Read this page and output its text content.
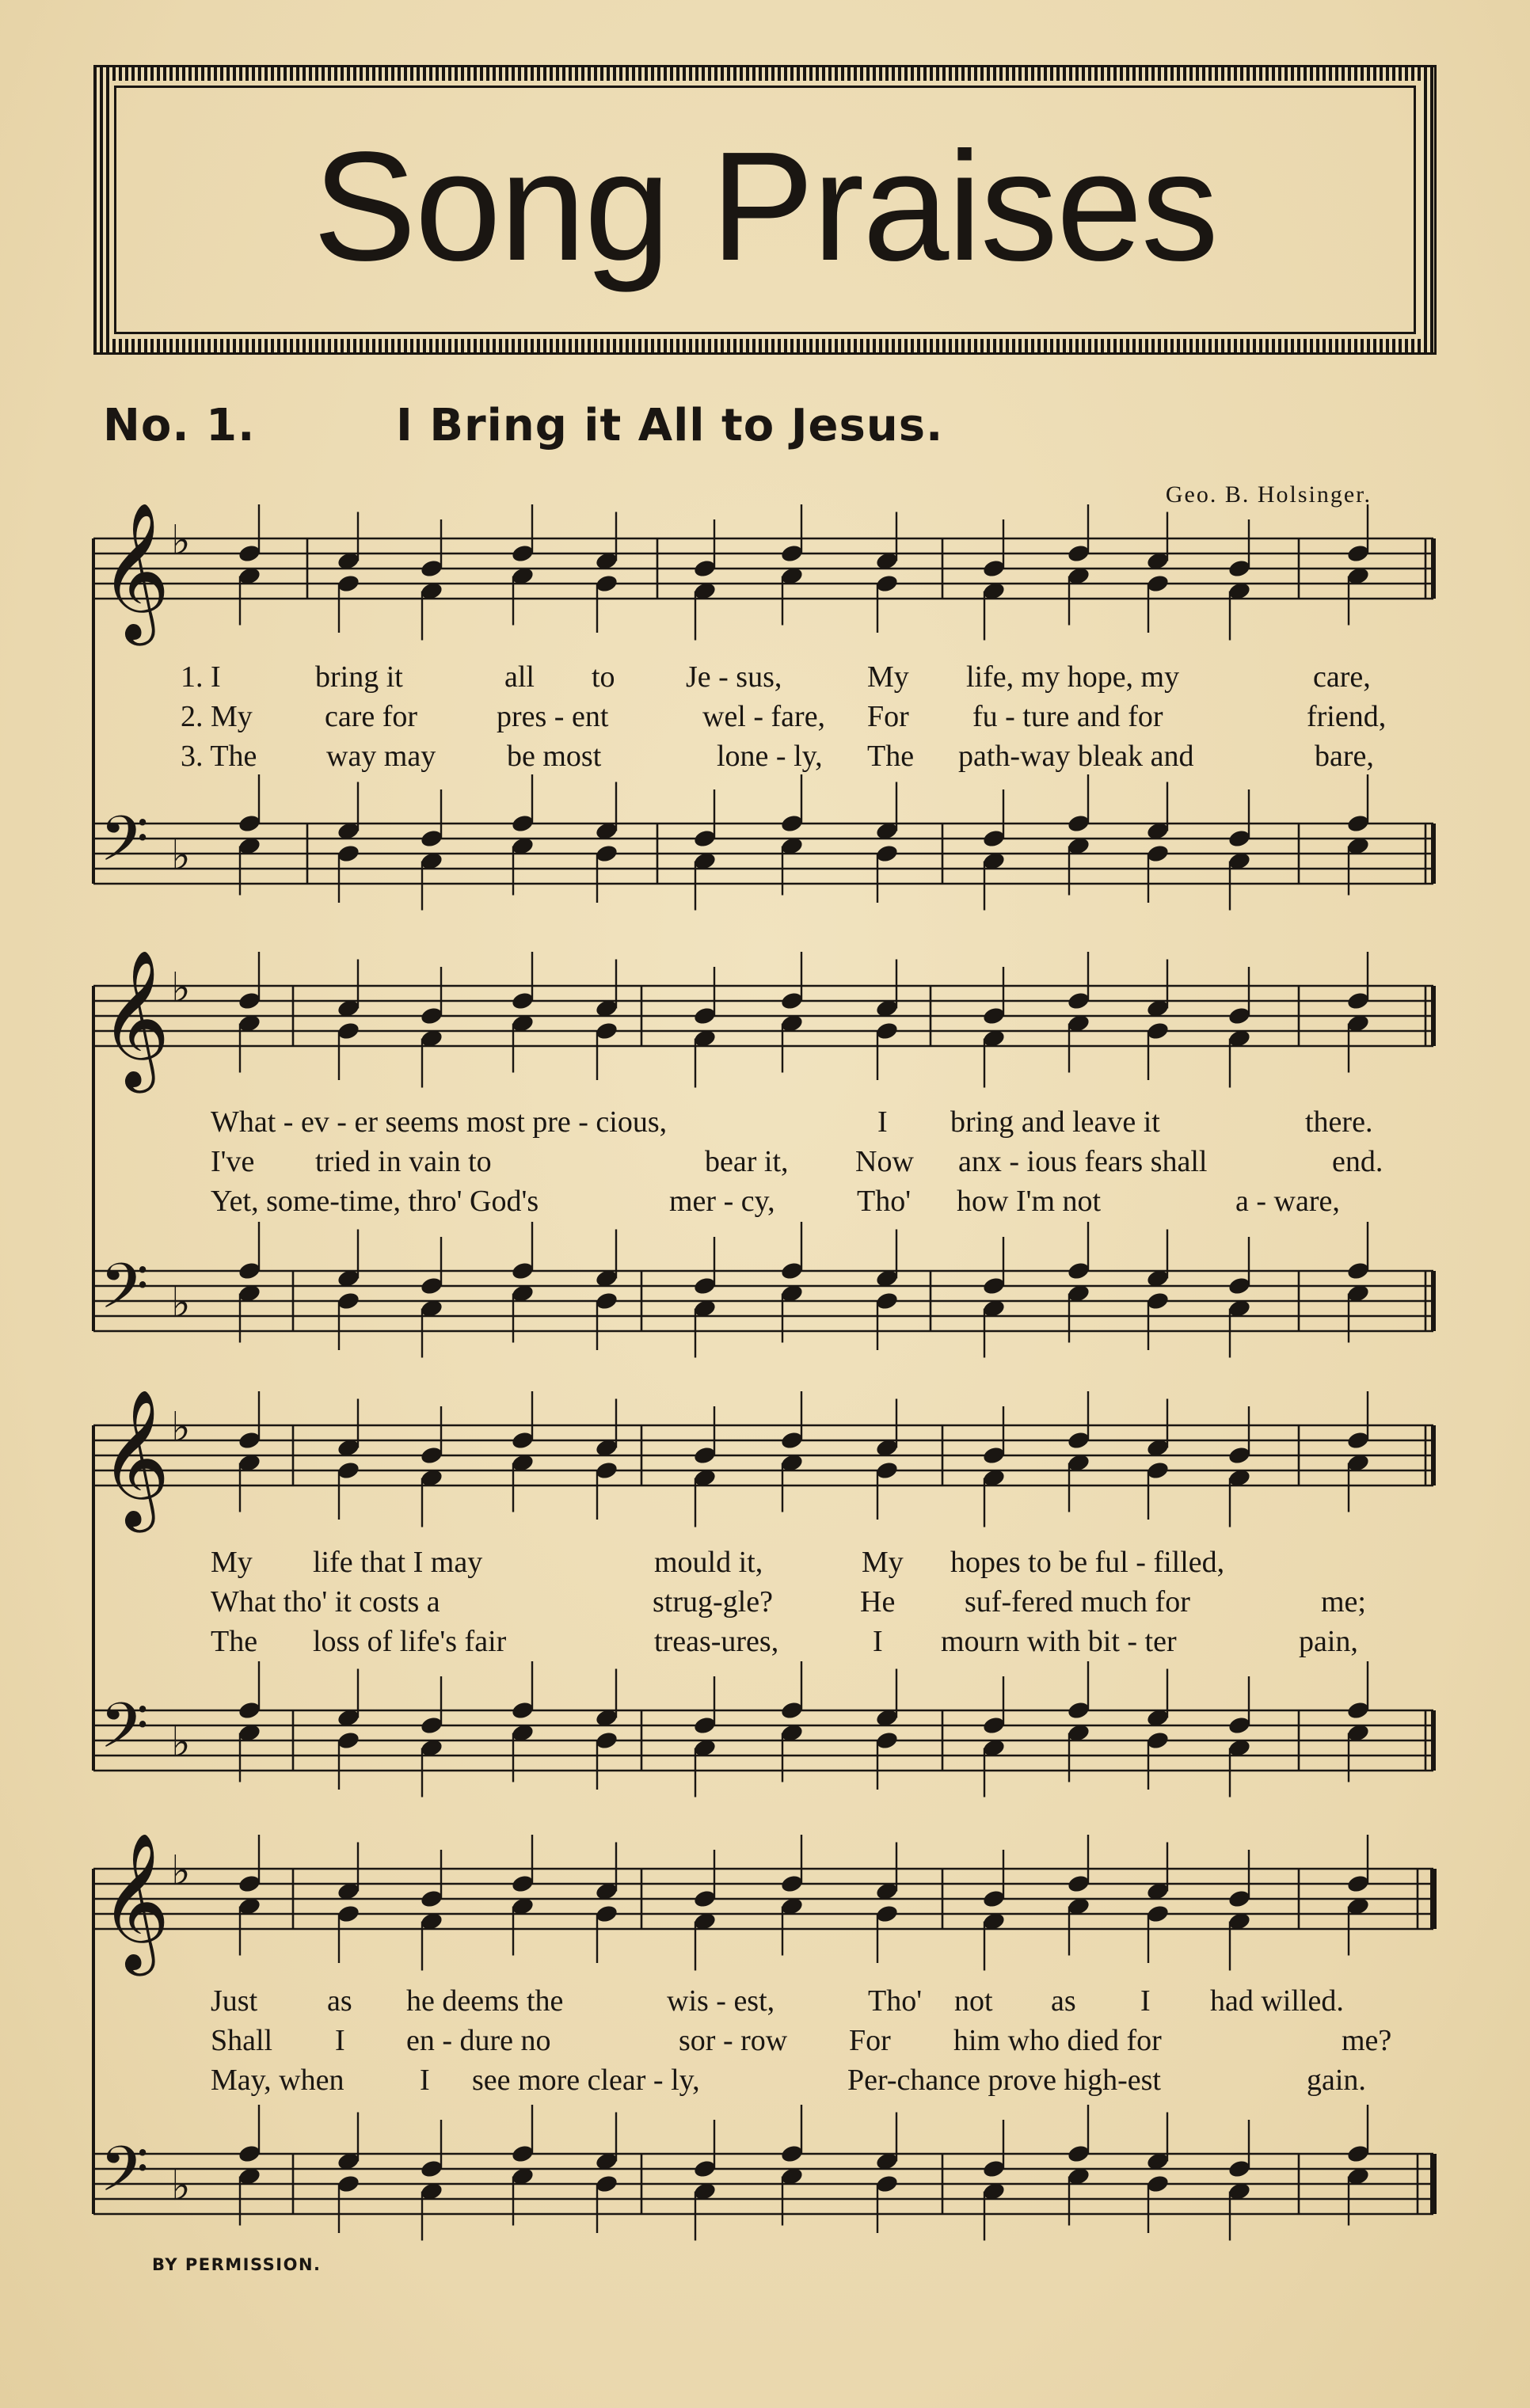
Song Praises
No. 1.	I Bring it All to Jesus.
Geo. B. Holsinger.
𝄞 ♭
𝄢 ♭
𝄞 ♭
𝄢 ♭
𝄞 ♭
𝄢 ♭
𝄞 ♭
𝄢 ♭
1. I	bring it	all to Je - sus,	My life, my hope, my	care,
2. My care for	pres - ent	wel - fare, For fu - ture and for	friend,
3. The way may be most	lone - ly, The path-way bleak and	bare,
What - ev - er seems most pre - cious,	I bring and leave it	there.
I've tried in vain to	bear it, Now anx - ious fears shall	end.
Yet, some-time, thro' God's	mer - cy,	Tho' how I'm not	a - ware,
My life that I may	mould it,	My hopes to be ful - filled,
What tho' it costs a	strug-gle?	He suf-fered much for	me;
The loss of life's fair	treas-ures,	I mourn with bit - ter	pain,
Just as he deems the	wis - est,	Tho' not as I had willed.
Shall I en - dure no	sor - row For him who died for	me?
May, when	I see more clear - ly,	Per-chance prove high-est	gain.
BY PERMISSION.
